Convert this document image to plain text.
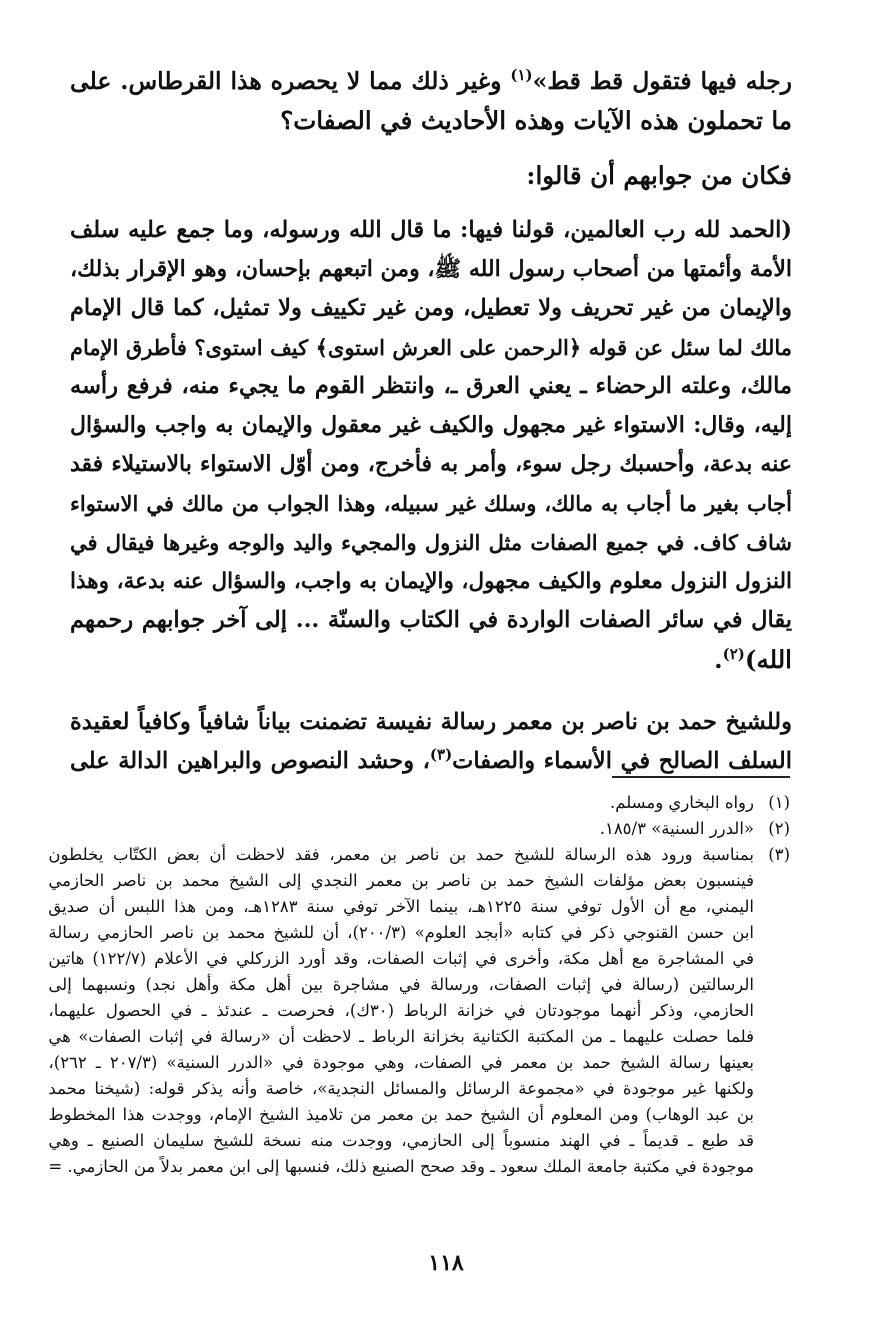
رجله فيها فتقول قط قط»$^{(١)}$ وغير ذلك مما لا يحصره هذا القرطاس. على

ما تحملون هذه الآيات وهذه الأحاديث في الصفات؟

فكان من جوابهم أن قالوا:

(الحمد لله رب العالمين، قولنا فيها: ما قال الله ورسوله، وما جمع عليه سلف

الأمة وأئمتها من أصحاب رسول الله ﷺ، ومن اتبعهم بإحسان، وهو الإقرار بذلك،

والإيمان من غير تحريف ولا تعطيل، ومن غير تكييف ولا تمثيل، كما قال الإمام

مالك لما سئل عن قوله ﴿الرحمن على العرش استوى﴾ كيف استوى؟ فأطرق الإمام

مالك، وعلته الرحضاء ـ يعني العرق ـ، وانتظر القوم ما يجيء منه، فرفع رأسه

إليه، وقال: الاستواء غير مجهول والكيف غير معقول والإيمان به واجب والسؤال

عنه بدعة، وأحسبك رجل سوء، وأمر به فأخرج، ومن أوّل الاستواء بالاستيلاء فقد

أجاب بغير ما أجاب به مالك، وسلك غير سبيله، وهذا الجواب من مالك في الاستواء

شاف كاف. في جميع الصفات مثل النزول والمجيء واليد والوجه وغيرها فيقال في

النزول النزول معلوم والكيف مجهول، والإيمان به واجب، والسؤال عنه بدعة، وهذا

يقال في سائر الصفات الواردة في الكتاب والسنّة ... إلى آخر جوابهم رحمهم

الله)$^{(٢)}$.

وللشيخ حمد بن ناصر بن معمر رسالة نفيسة تضمنت بياناً شافياً وكافياً لعقيدة

السلف الصالح في الأسماء والصفات$^{(٣)}$، وحشد النصوص والبراهين الدالة على

(١)
رواه البخاري ومسلم.
(٢)
«الدرر السنية» ١٨٥/٣.
(٣)
بمناسبة ورود هذه الرسالة للشيخ حمد بن ناصر بن معمر، فقد لاحظت أن بعض الكتّاب يخلطون
فينسبون بعض مؤلفات الشيخ حمد بن ناصر بن معمر النجدي إلى الشيخ محمد بن ناصر الحازمي
اليمني، مع أن الأول توفي سنة ١٢٢٥هـ، بينما الآخر توفي سنة ١٢٨٣هـ، ومن هذا اللبس أن صديق
ابن حسن القنوجي ذكر في كتابه «أبجد العلوم» (٢٠٠/٣)، أن للشيخ محمد بن ناصر الحازمي رسالة
في المشاجرة مع أهل مكة، وأخرى في إثبات الصفات، وقد أورد الزركلي في الأعلام (١٢٢/٧) هاتين
الرسالتين (رسالة في إثبات الصفات، ورسالة في مشاجرة بين أهل مكة وأهل نجد) ونسبهما إلى
الحازمي، وذكر أنهما موجودتان في خزانة الرباط (٣٠ك)، فحرصت ـ عندئذ ـ في الحصول عليهما،
فلما حصلت عليهما ـ من المكتبة الكتانية بخزانة الرباط ـ لاحظت أن «رسالة في إثبات الصفات» هي
بعينها رسالة الشيخ حمد بن معمر في الصفات، وهي موجودة في «الدرر السنية» (٢٠٧/٣ ـ ٢٦٢)،
ولكنها غير موجودة في «مجموعة الرسائل والمسائل النجدية»، خاصة وأنه يذكر قوله: (شيخنا محمد
بن عبد الوهاب) ومن المعلوم أن الشيخ حمد بن معمر من تلاميذ الشيخ الإمام، ووجدت هذا المخطوط
قد طبع ـ قديماً ـ في الهند منسوباً إلى الحازمي، ووجدت منه نسخة للشيخ سليمان الصنيع ـ وهي
موجودة في مكتبة جامعة الملك سعود ـ وقد صحح الصنيع ذلك، فنسبها إلى ابن معمر بدلاً من الحازمي. =
١١٨
